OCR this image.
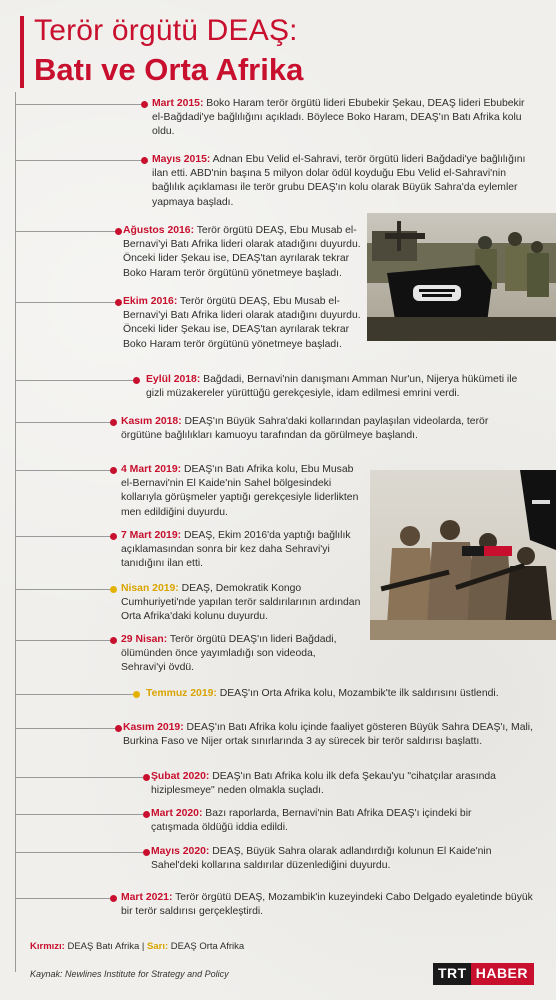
Terör örgütü DEAŞ:
Batı ve Orta Afrika
Mart 2015: Boko Haram terör örgütü lideri Ebubekir Şekau, DEAŞ lideri Ebubekir el-Bağdadi'ye bağlılığını açıkladı. Böylece Boko Haram, DEAŞ'ın Batı Afrika kolu oldu.
Mayıs 2015: Adnan Ebu Velid el-Sahravi, terör örgütü lideri Bağdadi'ye bağlılığını ilan etti. ABD'nin başına 5 milyon dolar ödül koyduğu Ebu Velid el-Sahravi'nin bağlılık açıklaması ile terör grubu DEAŞ'ın kolu olarak Büyük Sahra'da eylemler yapmaya başladı.
Ağustos 2016: Terör örgütü DEAŞ, Ebu Musab el-Bernavi'yi Batı Afrika lideri olarak atadığını duyurdu. Önceki lider Şekau ise, DEAŞ'tan ayrılarak tekrar Boko Haram terör örgütünü yönetmeye başladı.
Ekim 2016: Terör örgütü DEAŞ, Ebu Musab el-Bernavi'yi Batı Afrika lideri olarak atadığını duyurdu. Önceki lider Şekau ise, DEAŞ'tan ayrılarak tekrar Boko Haram terör örgütünü yönetmeye başladı.
Eylül 2018: Bağdadi, Bernavi'nin danışmanı Amman Nur'un, Nijerya hükümeti ile gizli müzakereler yürüttüğü gerekçesiyle, idam edilmesi emrini verdi.
Kasım 2018: DEAŞ'ın Büyük Sahra'daki kollarından paylaşılan videolarda, terör örgütüne bağlılıkları kamuoyu tarafından da görülmeye başlandı.
4 Mart 2019: DEAŞ'ın Batı Afrika kolu, Ebu Musab el-Bernavi'nin El Kaide'nin Sahel bölgesindeki kollarıyla görüşmeler yaptığı gerekçesiyle liderlikten men edildiğini duyurdu.
7 Mart 2019: DEAŞ, Ekim 2016'da yaptığı bağlılık açıklamasından sonra bir kez daha Sehravi'yi tanıdığını ilan etti.
Nisan 2019: DEAŞ, Demokratik Kongo Cumhuriyeti'nde yapılan terör saldırılarının ardından Orta Afrika'daki kolunu duyurdu.
29 Nisan: Terör örgütü DEAŞ'ın lideri Bağdadi, ölümünden önce yayımladığı son videoda, Sehravi'yi övdü.
Temmuz 2019: DEAŞ'ın Orta Afrika kolu, Mozambik'te ilk saldırısını üstlendi.
Kasım 2019: DEAŞ'ın Batı Afrika kolu içinde faaliyet gösteren Büyük Sahra DEAŞ'ı, Mali, Burkina Faso ve Nijer ortak sınırlarında 3 ay sürecek bir terör saldırısı başlattı.
Şubat 2020: DEAŞ'ın Batı Afrika kolu ilk defa Şekau'yu "cihatçılar arasında hiziplesmeye" neden olmakla suçladı.
Mart 2020: Bazı raporlarda, Bernavi'nin Batı Afrika DEAŞ'ı içindeki bir çatışmada öldüğü iddia edildi.
Mayıs 2020: DEAŞ, Büyük Sahra olarak adlandırdığı kolunun El Kaide'nin Sahel'deki kollarına saldırılar düzenlediğini duyurdu.
Mart 2021: Terör örgütü DEAŞ, Mozambik'in kuzeyindeki Cabo Delgado eyaletinde büyük bir terör saldırısı gerçekleştirdi.
Kırmızı: DEAŞ Batı Afrika | Sarı: DEAŞ Orta Afrika
Kaynak: Newlines Institute for Strategy and Policy	TRT HABER
